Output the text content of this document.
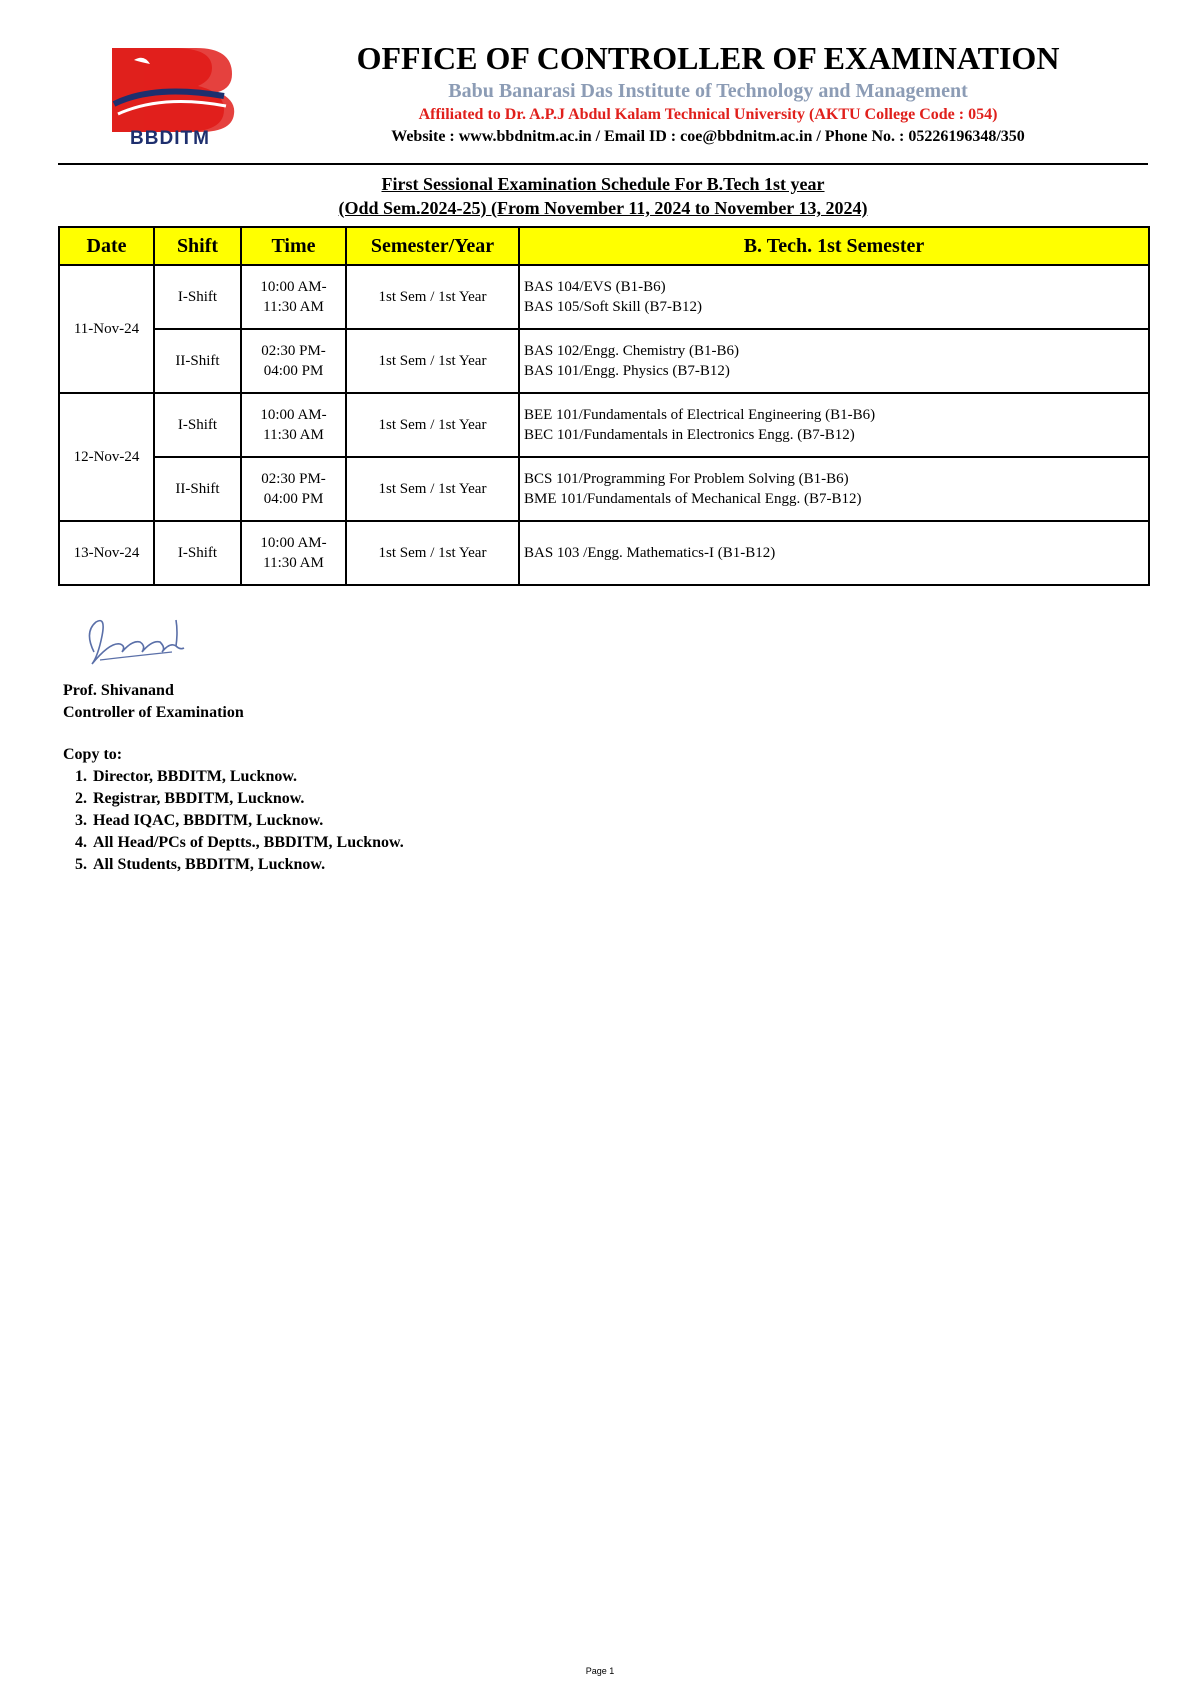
BBDITM
OFFICE OF CONTROLLER OF EXAMINATION
Babu Banarasi Das Institute of Technology and Management
Affiliated to Dr. A.P.J Abdul Kalam Technical University (AKTU College Code : 054)
Website : www.bbdnitm.ac.in / Email ID : coe@bbdnitm.ac.in / Phone No. : 05226196348/350
First Sessional Examination Schedule For B.Tech 1st year
(Odd Sem.2024-25) (From November 11, 2024 to November 13, 2024)
Date	Shift	Time	Semester/Year	B. Tech. 1st Semester
11-Nov-24	I-Shift	10:00 AM-
11:30 AM	1st Sem / 1st Year	BAS 104/EVS (B1-B6)
BAS 105/Soft Skill (B7-B12)
	II-Shift	02:30 PM-
04:00 PM	1st Sem / 1st Year	BAS 102/Engg. Chemistry (B1-B6)
BAS 101/Engg. Physics (B7-B12)
12-Nov-24	I-Shift	10:00 AM-
11:30 AM	1st Sem / 1st Year	BEE 101/Fundamentals of Electrical Engineering (B1-B6)
BEC 101/Fundamentals in Electronics Engg. (B7-B12)
	II-Shift	02:30 PM-
04:00 PM	1st Sem / 1st Year	BCS 101/Programming For Problem Solving (B1-B6)
BME 101/Fundamentals of Mechanical Engg. (B7-B12)
13-Nov-24	I-Shift	10:00 AM-
11:30 AM	1st Sem / 1st Year	BAS 103 /Engg. Mathematics-I (B1-B12)
Prof. Shivanand
Controller of Examination
Copy to:
1. Director, BBDITM, Lucknow.
2. Registrar, BBDITM, Lucknow.
3. Head IQAC, BBDITM, Lucknow.
4. All Head/PCs of Deptts., BBDITM, Lucknow.
5. All Students, BBDITM, Lucknow.
Page 1
